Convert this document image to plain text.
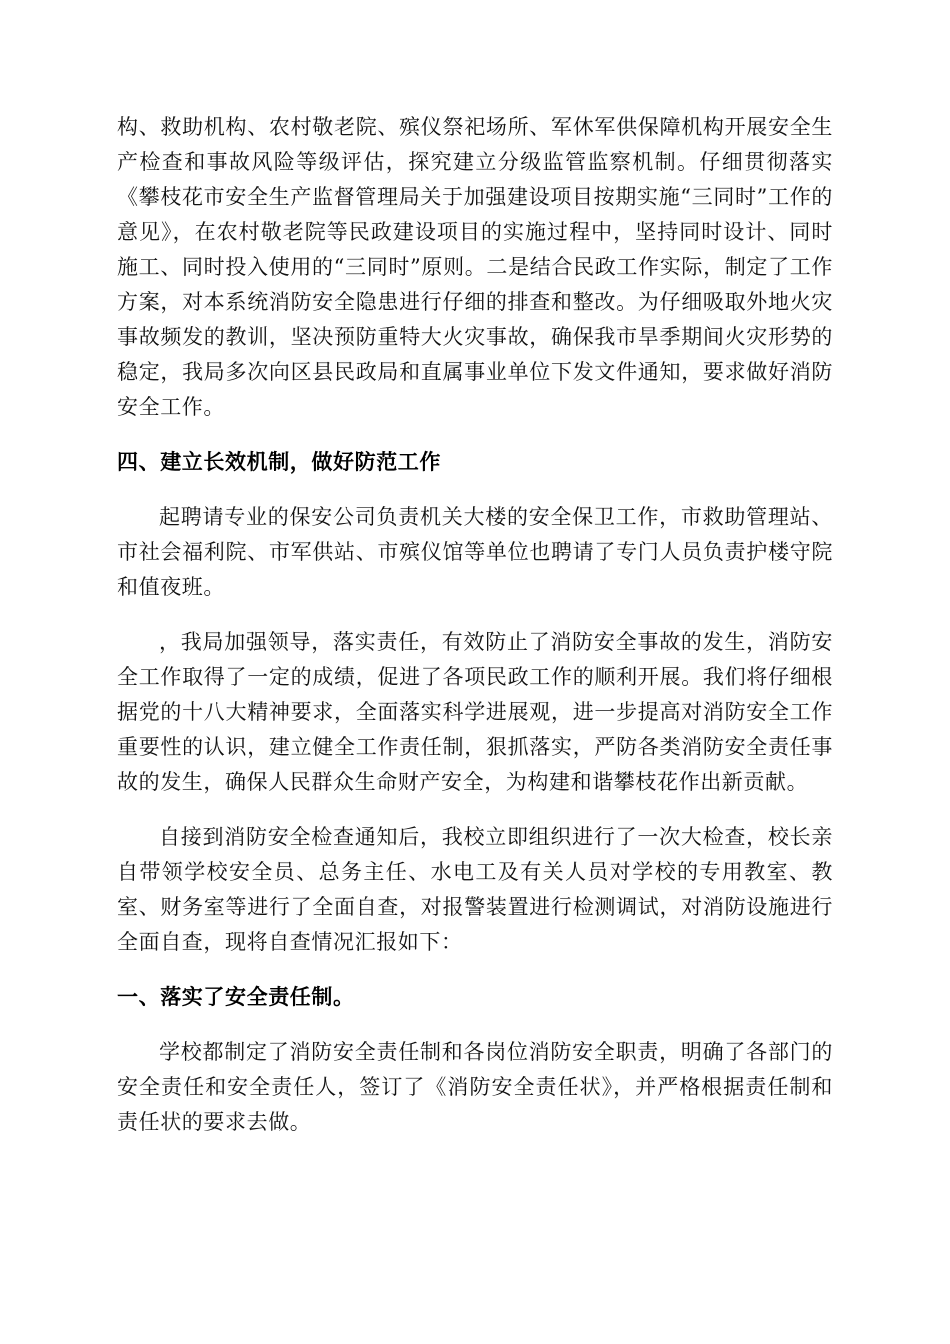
构、救助机构、农村敬老院、殡仪祭祀场所、军休军供保障机构开展安全生产检查和事故风险等级评估，探究建立分级监管监察机制。仔细贯彻落实《攀枝花市安全生产监督管理局关于加强建设项目按期实施“三同时”工作的意见》，在农村敬老院等民政建设项目的实施过程中，坚持同时设计、同时施工、同时投入使用的“三同时”原则。二是结合民政工作实际，制定了工作方案，对本系统消防安全隐患进行仔细的排查和整改。为仔细吸取外地火灾事故频发的教训，坚决预防重特大火灾事故，确保我市旱季期间火灾形势的稳定，我局多次向区县民政局和直属事业单位下发文件通知，要求做好消防安全工作。

四、建立长效机制，做好防范工作

起聘请专业的保安公司负责机关大楼的安全保卫工作，市救助管理站、市社会福利院、市军供站、市殡仪馆等单位也聘请了专门人员负责护楼守院和值夜班。

，我局加强领导，落实责任，有效防止了消防安全事故的发生，消防安全工作取得了一定的成绩，促进了各项民政工作的顺利开展。我们将仔细根据党的十八大精神要求，全面落实科学进展观，进一步提高对消防安全工作重要性的认识，建立健全工作责任制，狠抓落实，严防各类消防安全责任事故的发生，确保人民群众生命财产安全，为构建和谐攀枝花作出新贡献。

自接到消防安全检查通知后，我校立即组织进行了一次大检查，校长亲自带领学校安全员、总务主任、水电工及有关人员对学校的专用教室、教室、财务室等进行了全面自查，对报警装置进行检测调试，对消防设施进行全面自查，现将自查情况汇报如下：

一、落实了安全责任制。

学校都制定了消防安全责任制和各岗位消防安全职责，明确了各部门的安全责任和安全责任人，签订了《消防安全责任状》，并严格根据责任制和责任状的要求去做。
